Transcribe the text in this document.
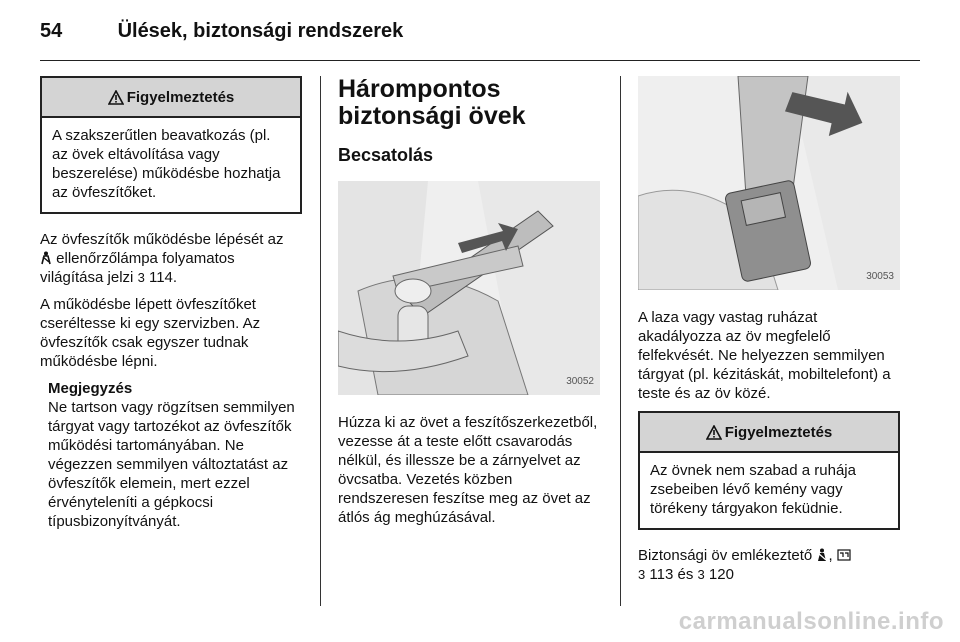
54	Ülések, biztonsági rendszerek
Figyelmeztetés
A szakszerűtlen beavatkozás (pl. az övek eltávolítása vagy beszerelése) működésbe hozhatja az övfeszítőket.

Az övfeszítők működésbe lépését az
ellenőrzőlámpa folyamatos világítása jelzi 3 114.

A működésbe lépett övfeszítőket cseréltesse ki egy szervizben. Az övfeszítők csak egyszer tudnak működésbe lépni.

Megjegyzés
Ne tartson vagy rögzítsen semmilyen tárgyat vagy tartozékot az övfeszítők működési tartományában. Ne végezzen semmilyen változtatást az övfeszítők elemein, mert ezzel érvényteleníti a gépkocsi típusbizonyítványát.
Hárompontos biztonsági övek
Becsatolás
30052

Húzza ki az övet a feszítőszerkezetből, vezesse át a teste előtt csavarodás nélkül, és illessze be a zárnyelvet az övcsatba. Vezetés közben rendszeresen feszítse meg az övet az átlós ág meghúzásával.

30053

A laza vagy vastag ruházat akadályozza az öv megfelelő felfekvését. Ne helyezzen semmilyen tárgyat (pl. kézitáskát, mobiltelefont) a teste és az öv közé.

Figyelmeztetés
Az övnek nem szabad a ruhája zsebeiben lévő kemény vagy törékeny tárgyakon feküdnie.

Biztonsági öv emlékeztető ,
3 113 és 3 120

carmanualsonline.info
